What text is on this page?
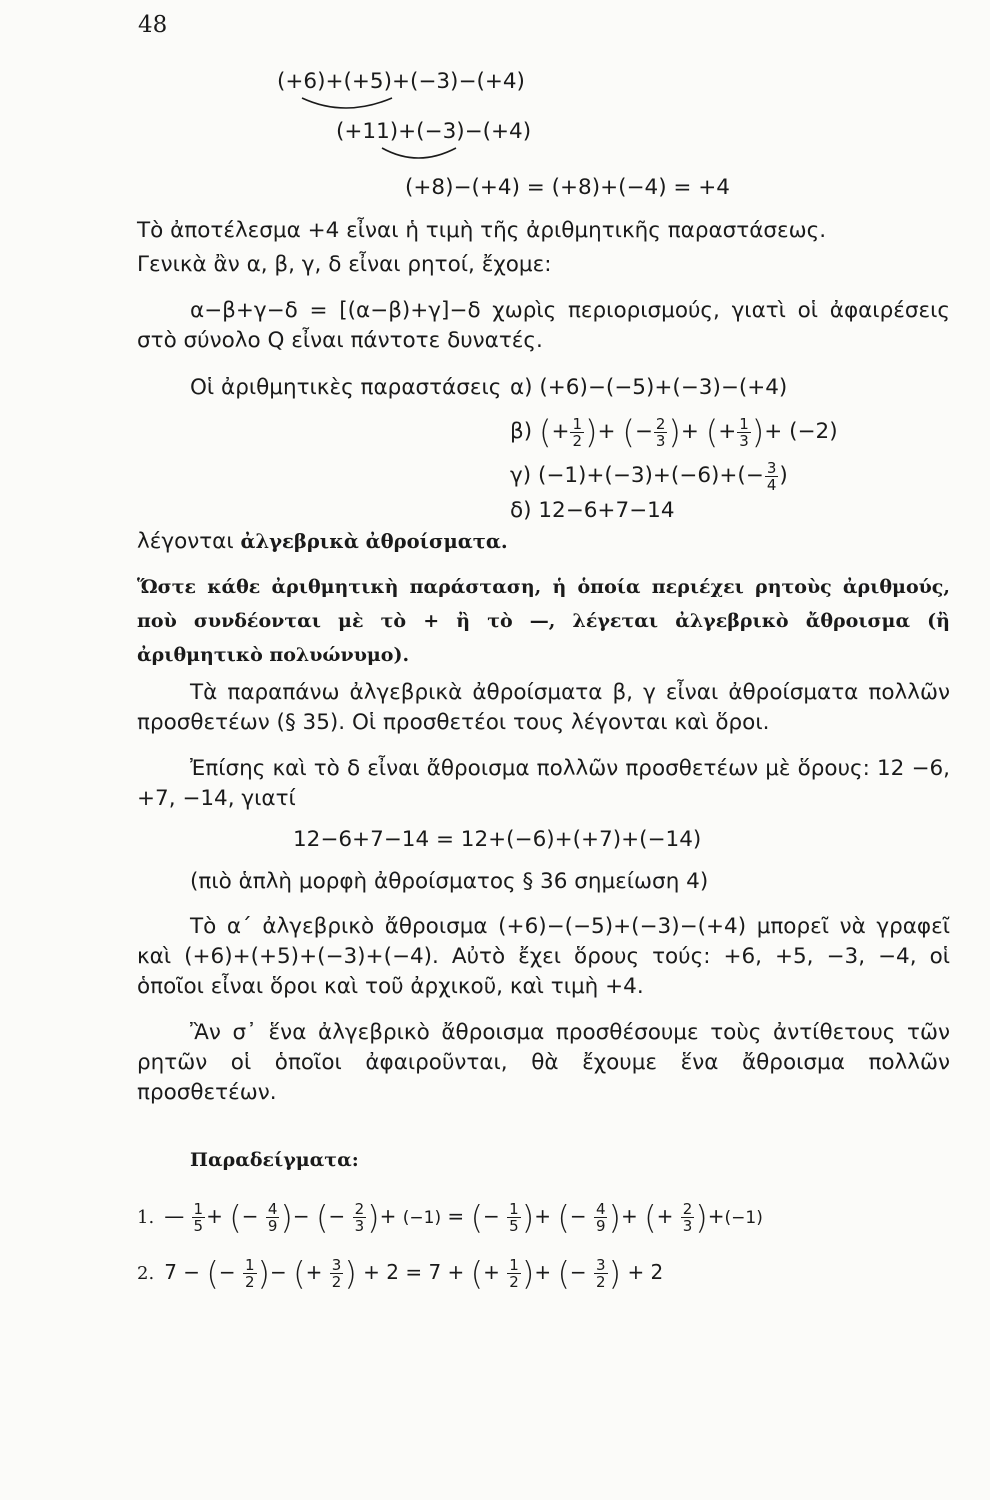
48
(+6)+(+5)+(−3)−(+4)
(+11)+(−3)−(+4)
(+8)−(+4) = (+8)+(−4) = +4
Τὸ ἀποτέλεσμα +4 εἶναι ἡ τιμὴ τῆς ἀριθμητικῆς παραστάσεως.
Γενικὰ ἂν α, β, γ, δ εἶναι ρητοί, ἔχομε:
α−β+γ−δ = [(α−β)+γ]−δ χωρὶς περιορισμούς, γιατὶ οἱ ἀφαιρέσεις στὸ σύνολο Q εἶναι πάντοτε δυνατές.
Οἱ ἀριθμητικὲς παραστάσεις α) (+6)−(−5)+(−3)−(+4)
β) (+ $\frac{1}{2}$ )+ (− $\frac{2}{3}$ )+ (+ $\frac{1}{3}$ )+ (−2)
γ) $(-1)+(-3)+(-6)+(- \frac{3}{4}$ )
δ) 12−6+7−14
λέγονται ἀλγεβρικὰ ἀθροίσματα.
Ὥστε κάθε ἀριθμητικὴ παράσταση, ἡ ὁποία περιέχει ρητοὺς ἀριθμούς, ποὺ συνδέονται μὲ τὸ + ἢ τὸ —, λέγεται ἀλγεβρικὸ ἄθροισμα (ἢ ἀριθμητικὸ πολυώνυμο).
Τὰ παραπάνω ἀλγεβρικὰ ἀθροίσματα β, γ εἶναι ἀθροίσματα πολλῶν προσθετέων (§ 35). Οἱ προσθετέοι τους λέγονται καὶ ὅροι.
Ἐπίσης καὶ τὸ δ εἶναι ἄθροισμα πολλῶν προσθετέων μὲ ὅρους: 12 −6, +7, −14, γιατί
12−6+7−14 = 12+(−6)+(+7)+(−14)
(πιὸ ἁπλὴ μορφὴ ἀθροίσματος § 36 σημείωση 4)
Τὸ α΄ ἀλγεβρικὸ ἄθροισμα (+6)−(−5)+(−3)−(+4) μπορεῖ νὰ γραφεῖ καὶ (+6)+(+5)+(−3)+(−4). Αὐτὸ ἔχει ὅρους τούς: +6, +5, −3, −4, οἱ ὁποῖοι εἶναι ὅροι καὶ τοῦ ἀρχικοῦ, καὶ τιμὴ +4.
Ἂν σ᾽ ἕνα ἀλγεβρικὸ ἄθροισμα προσθέσουμε τοὺς ἀντίθετους τῶν ρητῶν οἱ ὁποῖοι ἀφαιροῦνται, θὰ ἔχουμε ἕνα ἄθροισμα πολλῶν προσθετέων.
Παραδείγματα:
1. — $\frac{1}{5}$ + (− $\frac{4}{9}$ )− (− $\frac{2}{3}$ )+ (−1) = (− $\frac{1}{5}$ )+ (− $\frac{4}{9}$ )+ (+ $\frac{2}{3} )+(-1)$
2. 7 − (− $\frac{1}{2}$ )− (+ $\frac{3}{2}$ ) + 2 = 7 + (+ $\frac{1}{2}$ )+ (− $\frac{3}{2}$ ) + 2
